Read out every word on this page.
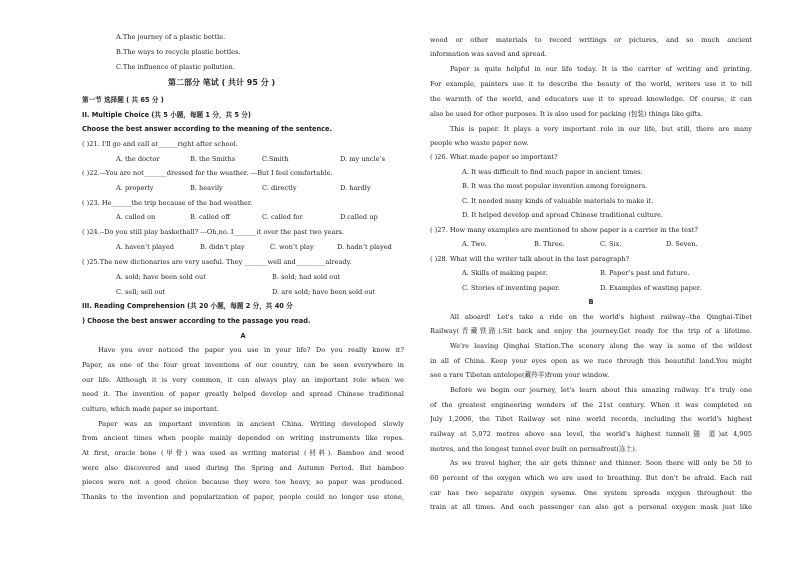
A.The journey of a plastic bottle.
B.The ways to recycle plastic bottles.
C.The influence of plastic pollution.
第二部分 笔试 ( 共计 95 分 )
第一节 选择题 ( 共 65 分 )
II. Multiple Choice (共 5 小题，每题 1 分，共 5 分)
Choose the best answer according to the meaning of the sentence.
( )21. I'll go and call at______right after school.
A. the doctor	B. the Smiths	C.Smith	D. my uncle’s
( )22.---You are not_______dressed for the weather. ---But I feel comfortable.
A. properly	B. heavily	C. directly	D. hardly
( )23. He______the trip because of the bad weather.
A. called on	B. called off	C. called for	D.called up
( )24.--Do you still play basketball? ---Oh,no. I_______it over the past two years.
A. haven’t played	B. didn’t play	C. won’t play	D. hadn’t played
( )25.The new dictionaries are very useful. They _______well and_________already.
A. sold; have been sold out	B. sold; had sold out
C. sell; sell out	D. are sold; have been sold out
III. Reading Comprehension (共 20 小题，每题 2 分，共 40 分
) Choose the best answer according to the passage you read.
A
Have you ever noticed the paper you use in your life? Do you really know it?
Paper, as one of the four great inventions of our country, can be seen everywhere in
our life. Although it is very common, it can always play an important role when we
need it. The invention of paper greatly helped develop and spread Chinese traditional
culture, which made paper so important.
Paper was an important invention in ancient China. Writing developed slowly
from ancient times when people mainly depended on writing instruments like ropes.
At first, oracle bone (甲骨) was used as writing material (材料). Bamboo and wood
were also discovered and used during the Spring and Autumn Period. But bamboo
pieces were not a good choice because they were too heavy, so paper was produced.
Thanks to the invention and popularization of paper, people could no longer use stone,
wood or other materials to record writings or pictures, and so much ancient
information was saved and spread.
Paper is quite helpful in our life today. It is the carrier of writing and printing.
For example, painters use it to describe the beauty of the world, writers use it to tell
the warmth of the world, and educators use it to spread knowledge. Of course, it can
also be used for other purposes. It is also used for packing (包装) things like gifts.
This is paper. It plays a very important role in our life, but still, there are many
people who waste paper now.
( )26. What made paper so important?
A. It was difficult to find much paper in ancient times.
B. It was the most popular invention among foreigners.
C. It needed many kinds of valuable materials to make it.
D. It helped develop and spread Chinese traditional culture.
( )27. How many examples are mentioned to show paper is a carrier in the text?
A. Two.	B. Three.	C. Six.	D. Seven.
( )28. What will the writer talk about in the last paragraph?
A. Skills of making paper.	B. Paper’s past and future.
C. Stories of inventing paper.	D. Examples of wasting paper.
B
All aboard! Let's take a ride on the world's highest railway--the Qinghai-Tibet
Railway(青藏铁路).Sit back and enjoy the journey.Get ready for the trip of a lifetime.
We're leaving Qinghai Station.The scenery along the way is some of the wildest
in all of China. Keep your eyes open as we race through this beautiful land.You might
see a rare Tibetan antelope(藏羚羊)from your window.
Before we begin our journey, let's learn about this amazing railway. It's truly one
of the greatest engineering wonders of the 21st century. When it was completed on
July 1,2006, the Tibet Railway set nine world records, including the world's highest
railway at 5,072 metres above sea level, the world's highest tunnel(隧 道)at 4,905
metres, and the longest tunnel ever built on permafrost(冻土).
As we travel higher, the air gets thinner and thinner. Soon there will only be 50 to
60 percent of the oxygen which we are used to breathing. But don't be afraid. Each rail
car has two separate oxygen sysems. One system spreads oxygen throughout the
train at all times. And each passenger can also get a personal oxygen mask just like
